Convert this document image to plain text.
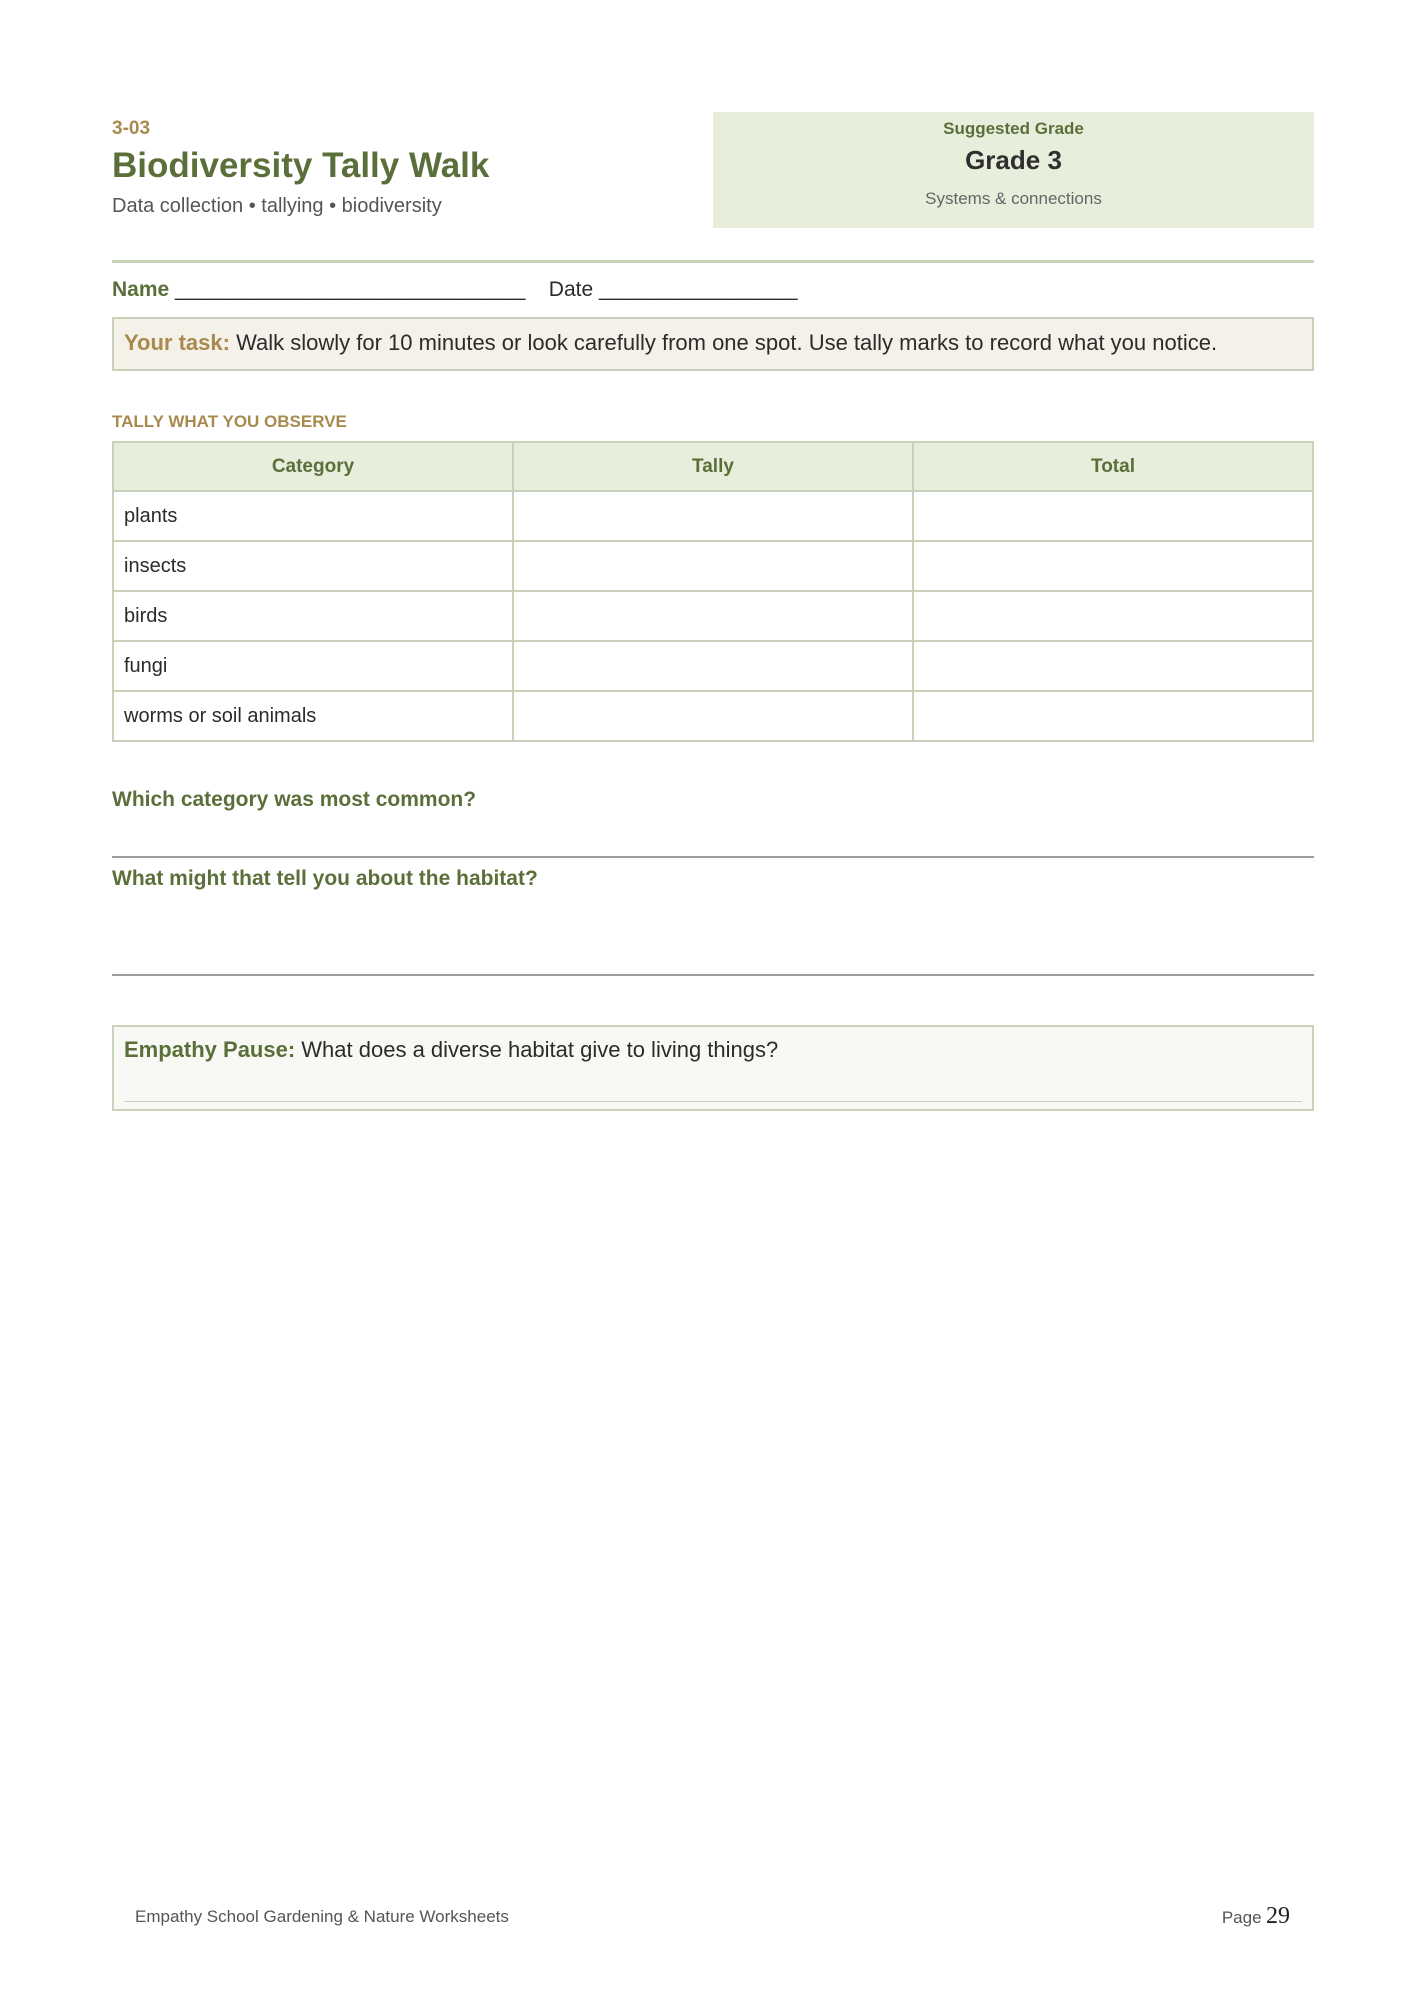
3-03
Biodiversity Tally Walk
Data collection • tallying • biodiversity
Suggested Grade
Grade 3
Systems & connections
Name ______________________________ Date _________________
Your task: Walk slowly for 10 minutes or look carefully from one spot. Use tally marks to record what you notice.
TALLY WHAT YOU OBSERVE
Category	Tally	Total
plants		
insects		
birds		
fungi		
worms or soil animals		
Which category was most common?
What might that tell you about the habitat?
Empathy Pause: What does a diverse habitat give to living things?
Empathy School Gardening & Nature Worksheets	Page 29
